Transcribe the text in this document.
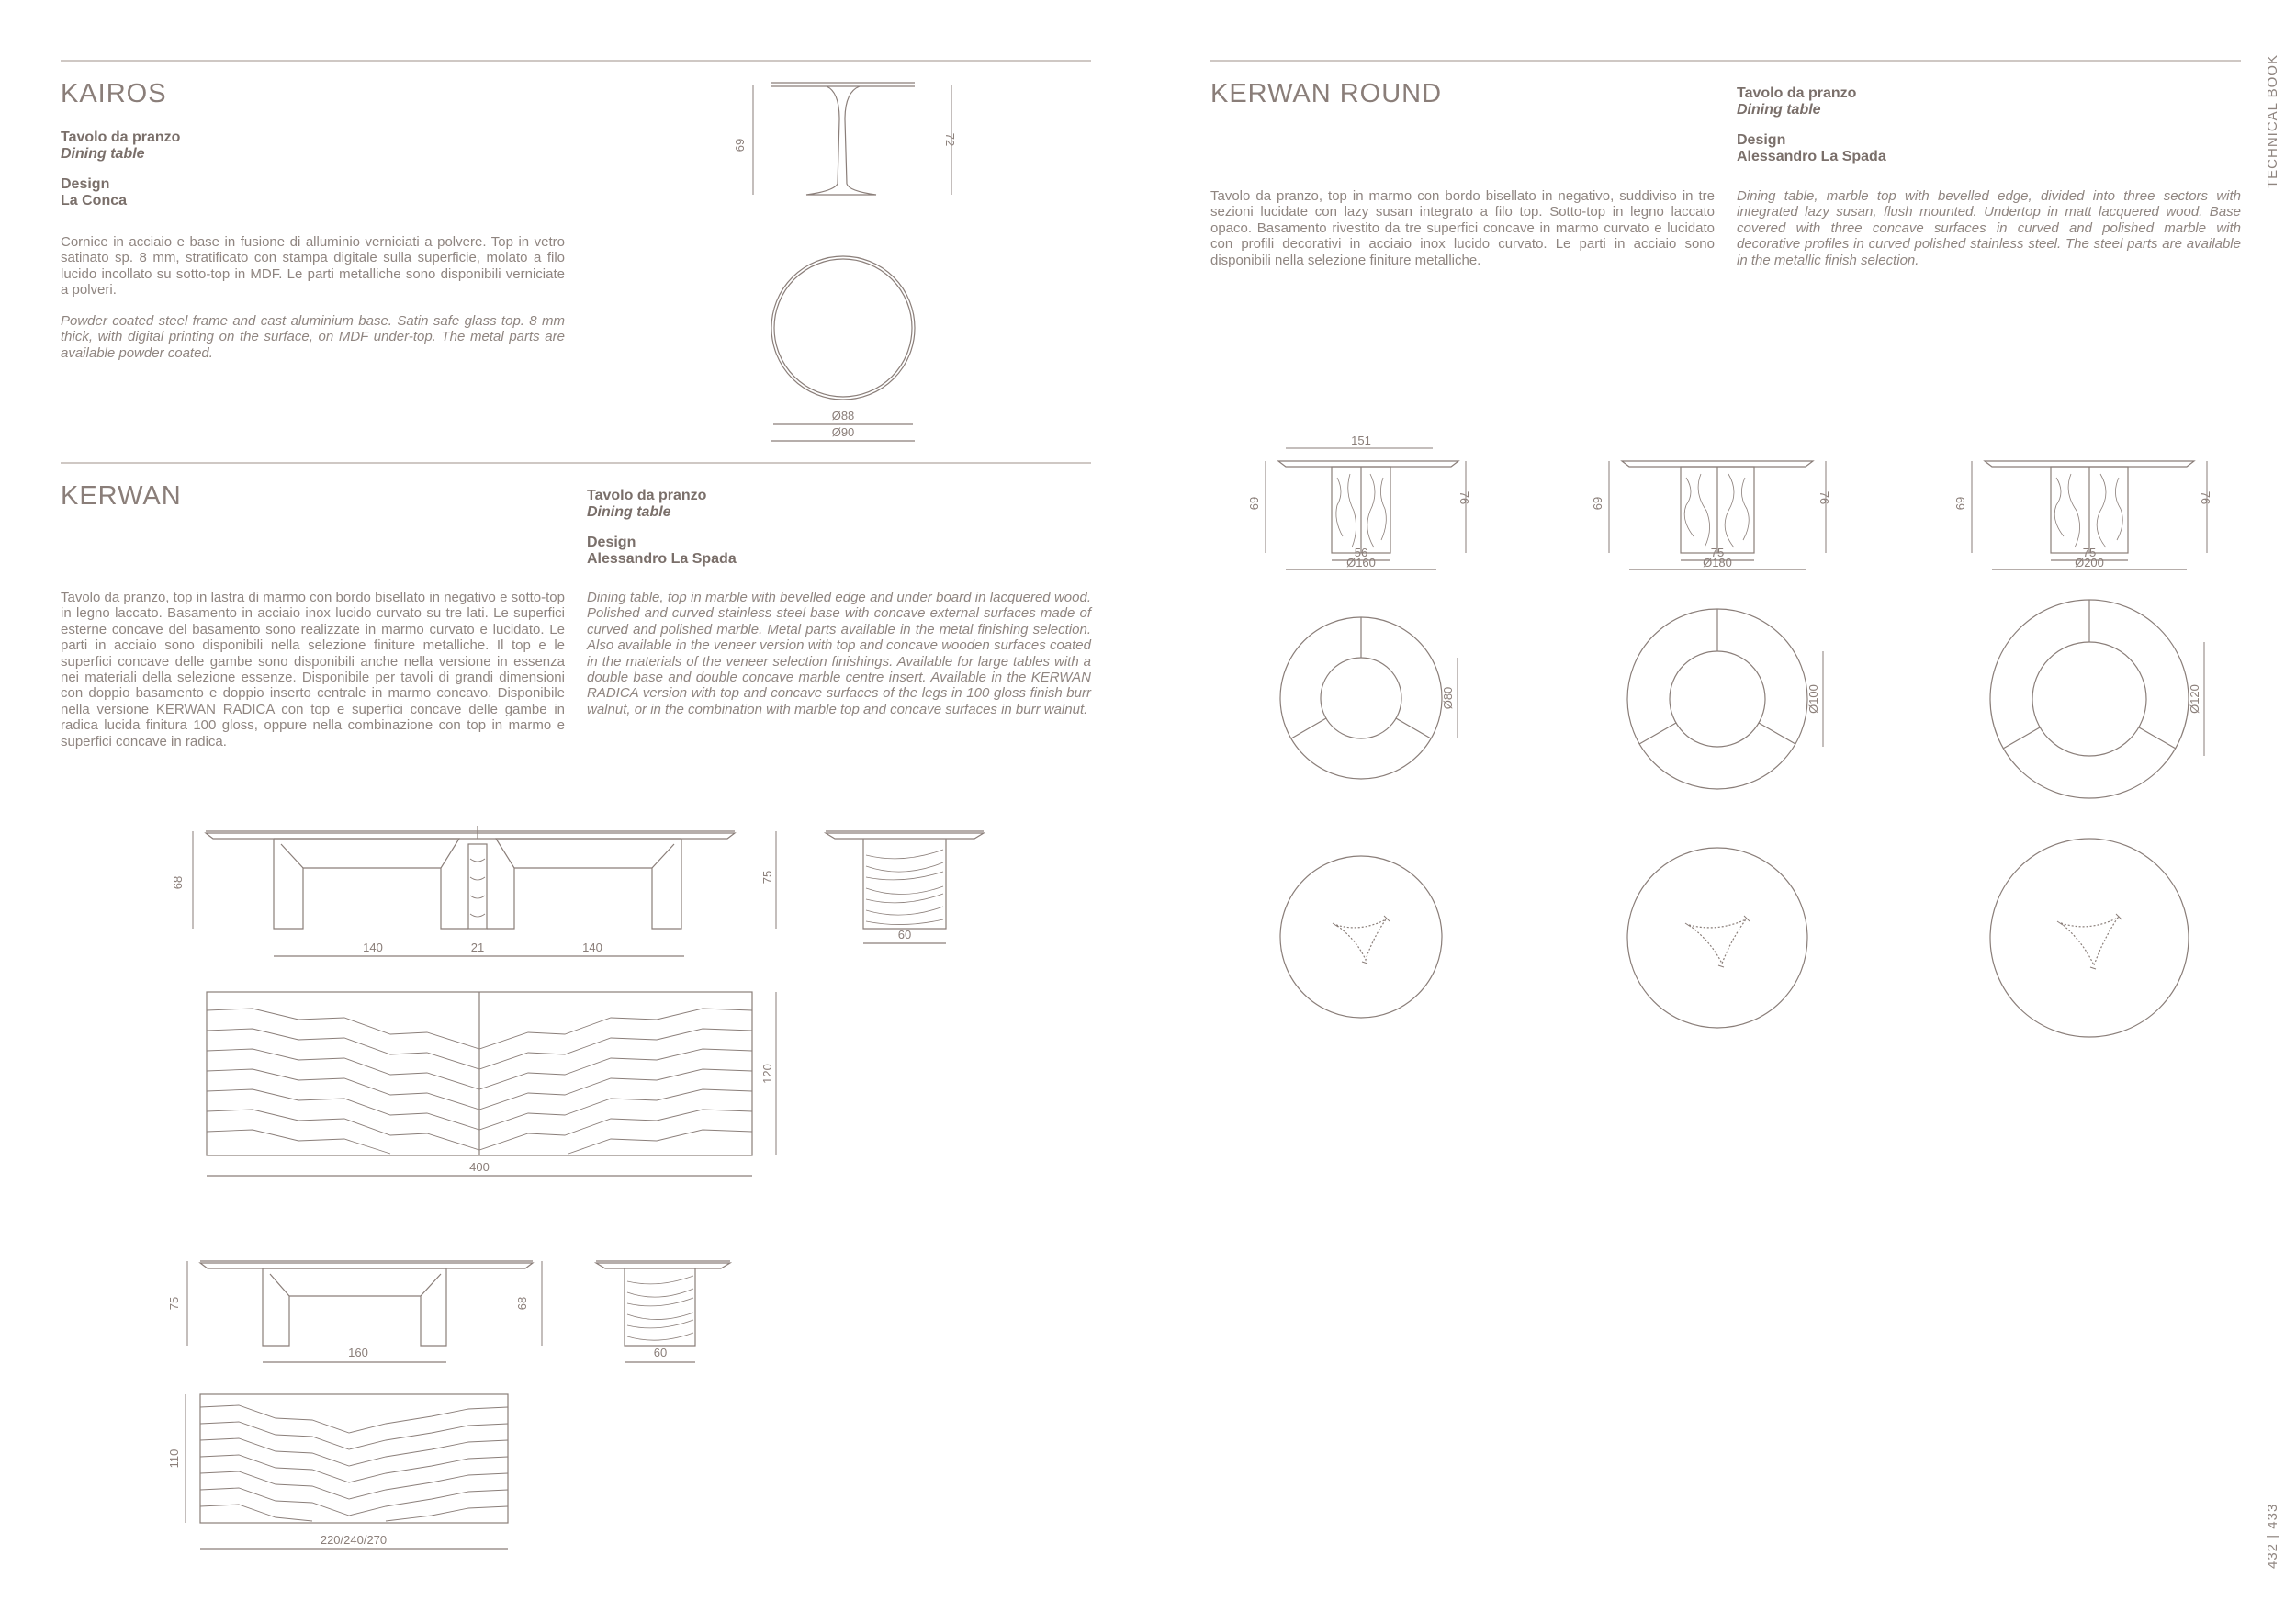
KAIROS
Tavolo da pranzo
Dining table
Design
La Conca

Cornice in acciaio e base in fusione di alluminio verniciati a polvere. Top in vetro satinato sp. 8 mm, stratificato con stampa digitale sulla superficie, molato a filo lucido incollato su sotto-top in MDF. Le parti metalliche sono disponibili verniciate a polveri.

Powder coated steel frame and cast aluminium base. Satin safe glass top. 8 mm thick, with digital printing on the surface, on MDF under-top. The metal parts are available powder coated.

69	72
Ø88
Ø90
KERWAN	Tavolo da pranzo
Dining table
Design
Alessandro La Spada

Tavolo da pranzo, top in lastra di marmo con bordo bisellato in negativo e sotto-top in legno laccato. Basamento in acciaio inox lucido curvato su tre lati. Le superfici esterne concave del basamento sono realizzate in marmo curvato e lucidato. Le parti in acciaio sono disponibili nella selezione finiture metalliche. Il top e le superfici concave delle gambe sono disponibili anche nella versione in essenza nei materiali della selezione essenze. Disponibile per tavoli di grandi dimensioni con doppio basamento e doppio inserto centrale in marmo concavo. Disponibile nella versione KERWAN RADICA con top e superfici concave delle gambe in radica lucida finitura 100 gloss, oppure nella combinazione con top in marmo e superfici concave in radica.

Dining table, top in marble with bevelled edge and under board in lacquered wood. Polished and curved stainless steel base with concave external surfaces made of curved and polished marble. Metal parts available in the metal finishing selection. Also available in the veneer version with top and concave wooden surfaces coated in the materials of the veneer selection finishings. Available for large tables with a double base and double concave marble centre insert. Available in the KERWAN RADICA version with top and concave surfaces of the legs in 100 gloss finish burr walnut, or in the combination with marble top and concave surfaces in burr walnut.

68	75
140	21	140
60
400
120
75	68
160	60
220/240/270
110
KERWAN ROUND	Tavolo da pranzo
Dining table
Design
Alessandro La Spada

Tavolo da pranzo, top in marmo con bordo bisellato in negativo, suddiviso in tre sezioni lucidate con lazy susan integrato a filo top. Sotto-top in legno laccato opaco. Basamento rivestito da tre superfici concave in marmo curvato e lucidato con profili decorativi in acciaio inox lucido curvato. Le parti in acciaio sono disponibili nella selezione finiture metalliche.

Dining table, marble top with bevelled edge, divided into three sectors with integrated lazy susan, flush mounted. Undertop in matt lacquered wood. Base covered with three concave surfaces in curved and polished marble with decorative profiles in curved polished stainless steel. The steel parts are available in the metallic finish selection.

151
69	76
56
Ø160
Ø80
69	76
75
Ø180
Ø100
69	76
75
Ø200
Ø120
TECHNICAL BOOK
432 | 433
